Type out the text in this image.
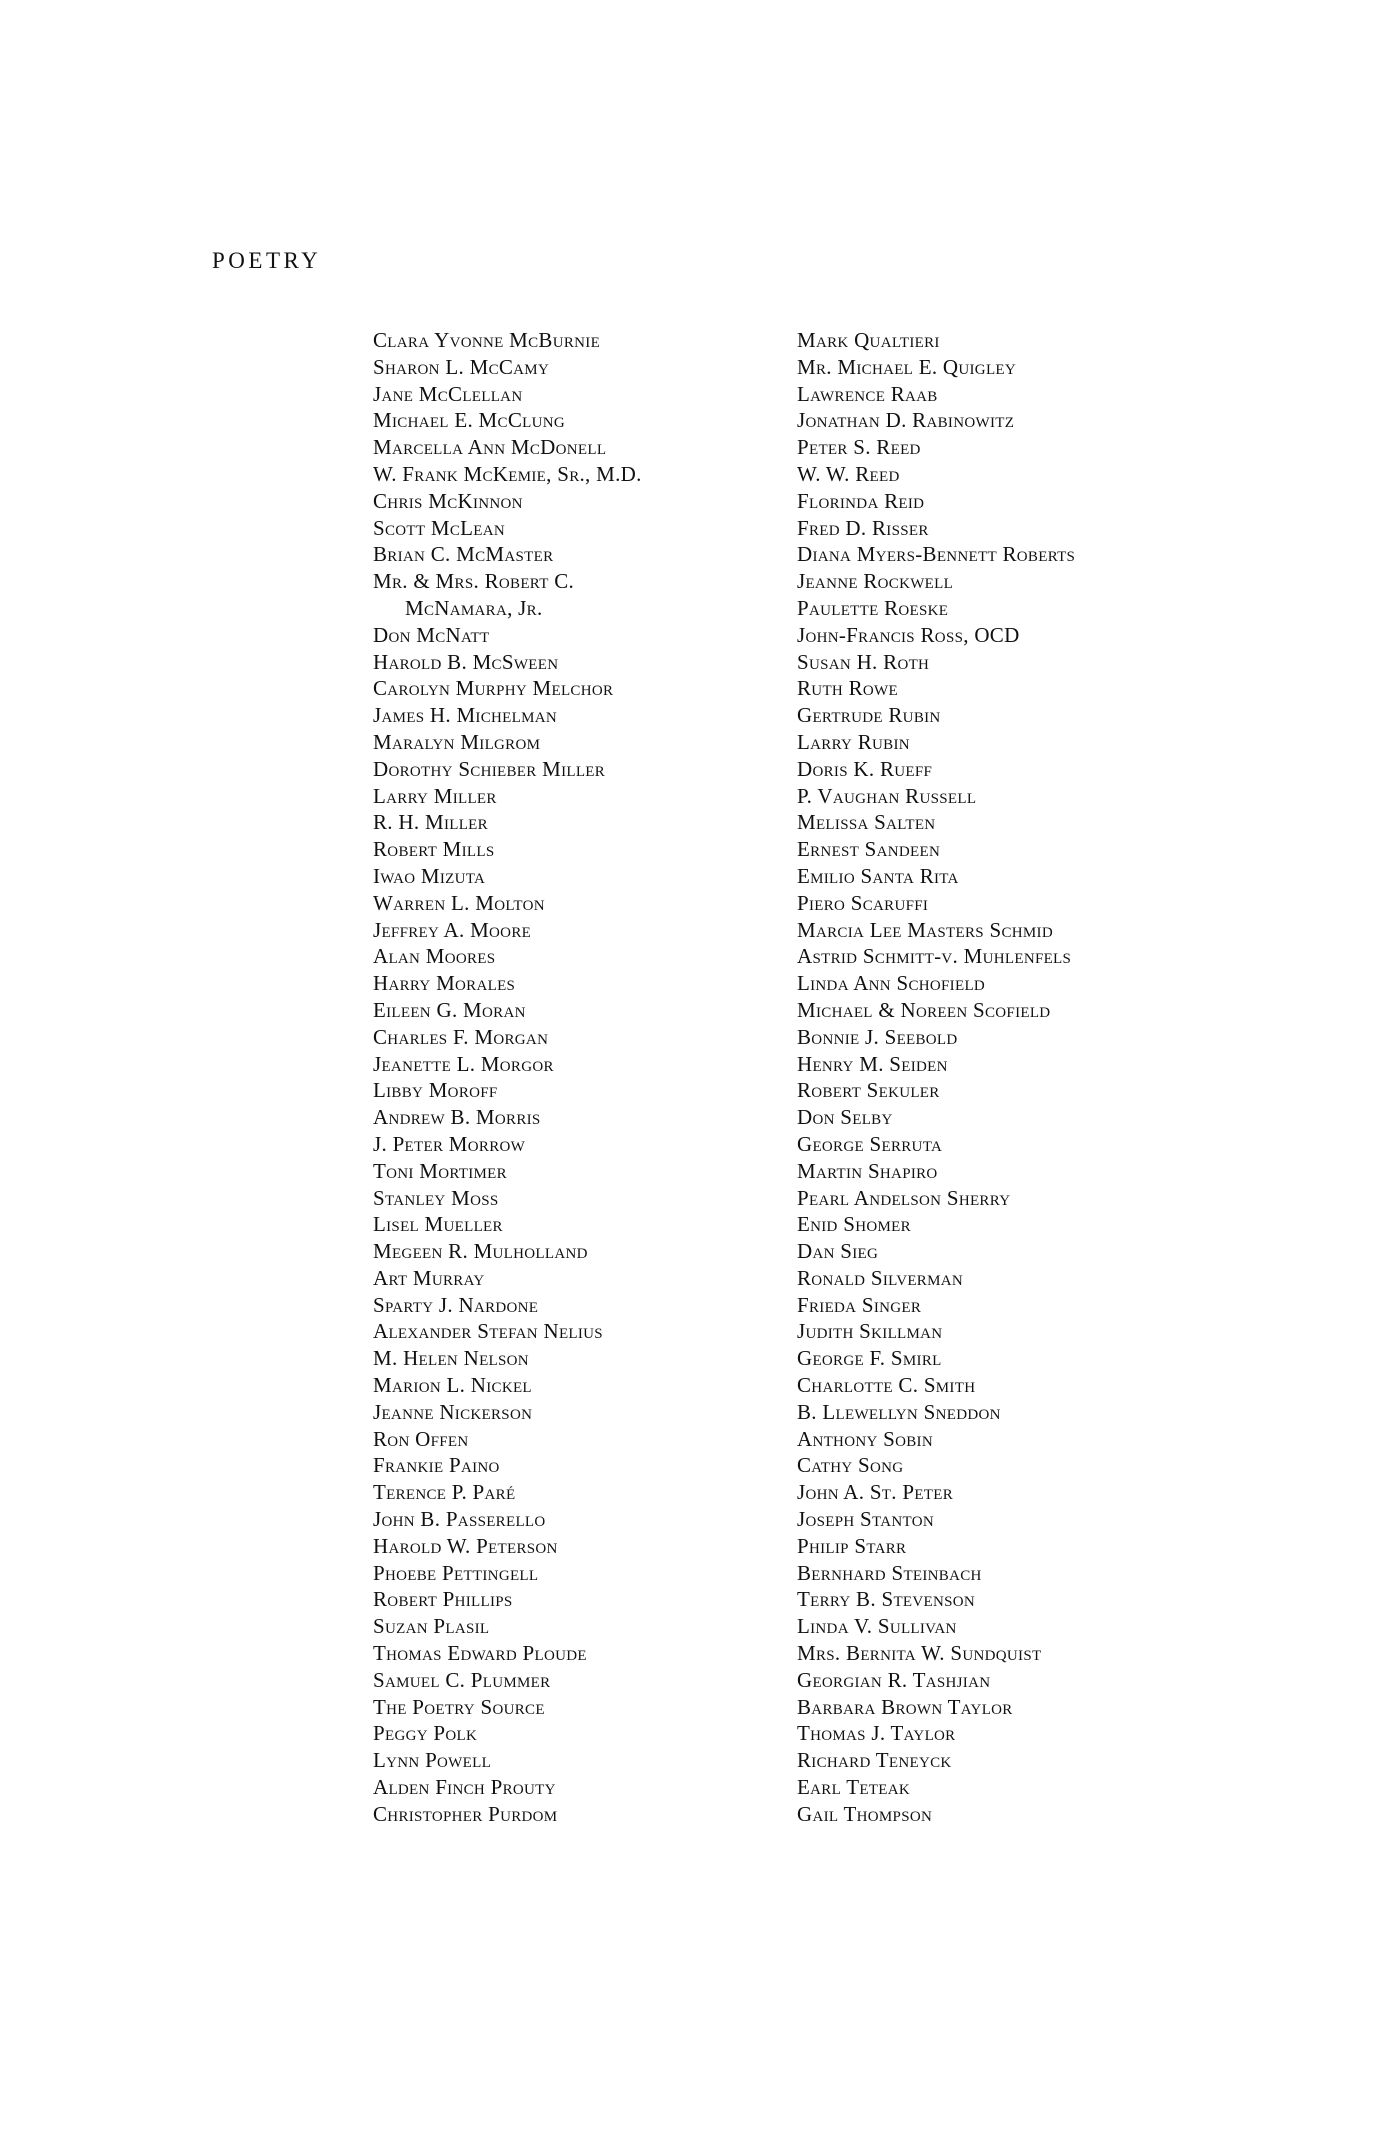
POETRY
Clara Yvonne McBurnie
Sharon L. McCamy
Jane McClellan
Michael E. McClung
Marcella Ann McDonell
W. Frank McKemie, Sr., M.D.
Chris McKinnon
Scott McLean
Brian C. McMaster
Mr. & Mrs. Robert C.
McNamara, Jr.
Don McNatt
Harold B. McSween
Carolyn Murphy Melchor
James H. Michelman
Maralyn Milgrom
Dorothy Schieber Miller
Larry Miller
R. H. Miller
Robert Mills
Iwao Mizuta
Warren L. Molton
Jeffrey A. Moore
Alan Moores
Harry Morales
Eileen G. Moran
Charles F. Morgan
Jeanette L. Morgor
Libby Moroff
Andrew B. Morris
J. Peter Morrow
Toni Mortimer
Stanley Moss
Lisel Mueller
Megeen R. Mulholland
Art Murray
Sparty J. Nardone
Alexander Stefan Nelius
M. Helen Nelson
Marion L. Nickel
Jeanne Nickerson
Ron Offen
Frankie Paino
Terence P. Paré
John B. Passerello
Harold W. Peterson
Phoebe Pettingell
Robert Phillips
Suzan Plasil
Thomas Edward Ploude
Samuel C. Plummer
The Poetry Source
Peggy Polk
Lynn Powell
Alden Finch Prouty
Christopher Purdom
Mark Qualtieri
Mr. Michael E. Quigley
Lawrence Raab
Jonathan D. Rabinowitz
Peter S. Reed
W. W. Reed
Florinda Reid
Fred D. Risser
Diana Myers-Bennett Roberts
Jeanne Rockwell
Paulette Roeske
John-Francis Ross, OCD
Susan H. Roth
Ruth Rowe
Gertrude Rubin
Larry Rubin
Doris K. Rueff
P. Vaughan Russell
Melissa Salten
Ernest Sandeen
Emilio Santa Rita
Piero Scaruffi
Marcia Lee Masters Schmid
Astrid Schmitt-v. Muhlenfels
Linda Ann Schofield
Michael & Noreen Scofield
Bonnie J. Seebold
Henry M. Seiden
Robert Sekuler
Don Selby
George Serruta
Martin Shapiro
Pearl Andelson Sherry
Enid Shomer
Dan Sieg
Ronald Silverman
Frieda Singer
Judith Skillman
George F. Smirl
Charlotte C. Smith
B. Llewellyn Sneddon
Anthony Sobin
Cathy Song
John A. St. Peter
Joseph Stanton
Philip Starr
Bernhard Steinbach
Terry B. Stevenson
Linda V. Sullivan
Mrs. Bernita W. Sundquist
Georgian R. Tashjian
Barbara Brown Taylor
Thomas J. Taylor
Richard Teneyck
Earl Teteak
Gail Thompson
